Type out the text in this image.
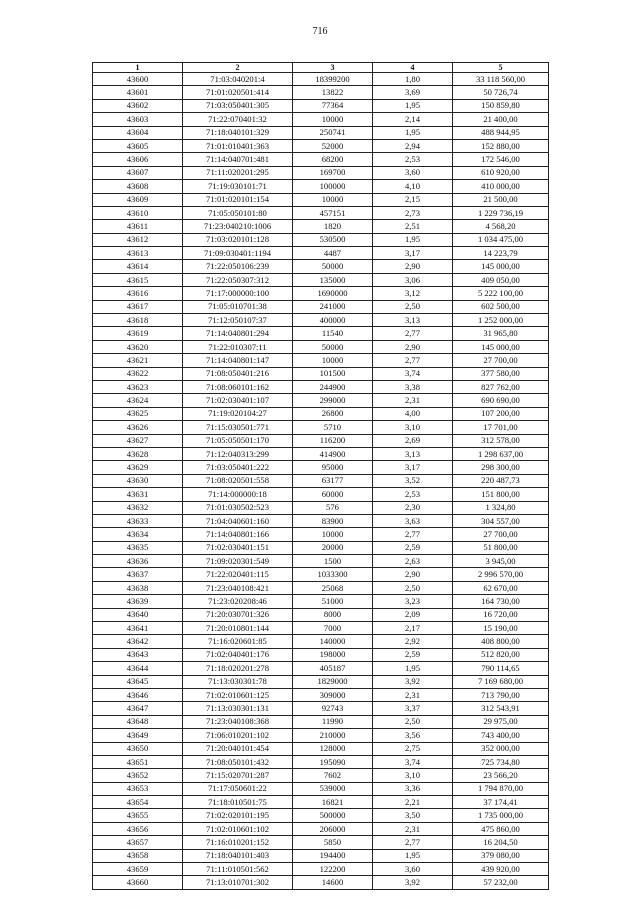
716
1	2	3	4	5
43600	71:03:040201:4	18399200	1,80	33 118 560,00
43601	71:01:020501:414	13822	3,69	50 726,74
43602	71:03:050401:305	77364	1,95	150 859,80
43603	71:22:070401:32	10000	2,14	21 400,00
43604	71:18:040101:329	250741	1,95	488 944,95
43605	71:01:010401:363	52000	2,94	152 880,00
43606	71:14:040701:481	68200	2,53	172 546,00
43607	71:11:020201:295	169700	3,60	610 920,00
43608	71:19:030101:71	100000	4,10	410 000,00
43609	71:01:020101:154	10000	2,15	21 500,00
43610	71:05:050101:80	457151	2,73	1 229 736,19
43611	71:23:040210:1006	1820	2,51	4 568,20
43612	71:03:020101:128	530500	1,95	1 034 475,00
43613	71:09:030401:1194	4487	3,17	14 223,79
43614	71:22:050106:239	50000	2,90	145 000,00
43615	71:22:050307:312	135000	3,06	409 050,00
43616	71:17:000000:100	1690000	3,12	5 222 100,00
43617	71:05:010701:38	241000	2,50	602 500,00
43618	71:12:050107:37	400000	3,13	1 252 000,00
43619	71:14:040801:294	11540	2,77	31 965,80
43620	71:22:010307:11	50000	2,90	145 000,00
43621	71:14:040801:147	10000	2,77	27 700,00
43622	71:08:050401:216	101500	3,74	377 580,00
43623	71:08:060101:162	244900	3,38	827 762,00
43624	71:02:030401:107	299000	2,31	690 690,00
43625	71:19:020104:27	26800	4,00	107 200,00
43626	71:15:030501:771	5710	3,10	17 701,00
43627	71:05:050501:170	116200	2,69	312 578,00
43628	71:12:040313:299	414900	3,13	1 298 637,00
43629	71:03:050401:222	95000	3,17	298 300,00
43630	71:08:020501:558	63177	3,52	220 487,73
43631	71:14:000000:18	60000	2,53	151 800,00
43632	71:01:030502:523	576	2,30	1 324,80
43633	71:04:040601:160	83900	3,63	304 557,00
43634	71:14:040801:166	10000	2,77	27 700,00
43635	71:02:030401:151	20000	2,59	51 800,00
43636	71:09:020301:549	1500	2,63	3 945,00
43637	71:22:020401:115	1033300	2,90	2 996 570,00
43638	71:23:040108:421	25068	2,50	62 670,00
43639	71:23:020208:46	51000	3,23	164 730,00
43640	71:20:030701:326	8000	2,09	16 720,00
43641	71:20:010801:144	7000	2,17	15 190,00
43642	71:16:020601:85	140000	2,92	408 800,00
43643	71:02:040401:176	198000	2,59	512 820,00
43644	71:18:020201:278	405187	1,95	790 114,65
43645	71:13:030301:78	1829000	3,92	7 169 680,00
43646	71:02:010601:125	309000	2,31	713 790,00
43647	71:13:030301:131	92743	3,37	312 543,91
43648	71:23:040108:368	11990	2,50	29 975,00
43649	71:06:010201:102	210000	3,56	743 400,00
43650	71:20:040101:454	128000	2,75	352 000,00
43651	71:08:050101:432	195090	3,74	725 734,80
43652	71:15:020701:287	7602	3,10	23 566,20
43653	71:17:050601:22	539000	3,36	1 794 870,00
43654	71:18:010501:75	16821	2,21	37 174,41
43655	71:02:020101:195	500000	3,50	1 735 000,00
43656	71:02:010601:102	206000	2,31	475 860,00
43657	71:16:010201:152	5850	2,77	16 204,50
43658	71:18:040101:403	194400	1,95	379 080,00
43659	71:11:010501:562	122200	3,60	439 920,00
43660	71:13:010701:302	14600	3,92	57 232,00
